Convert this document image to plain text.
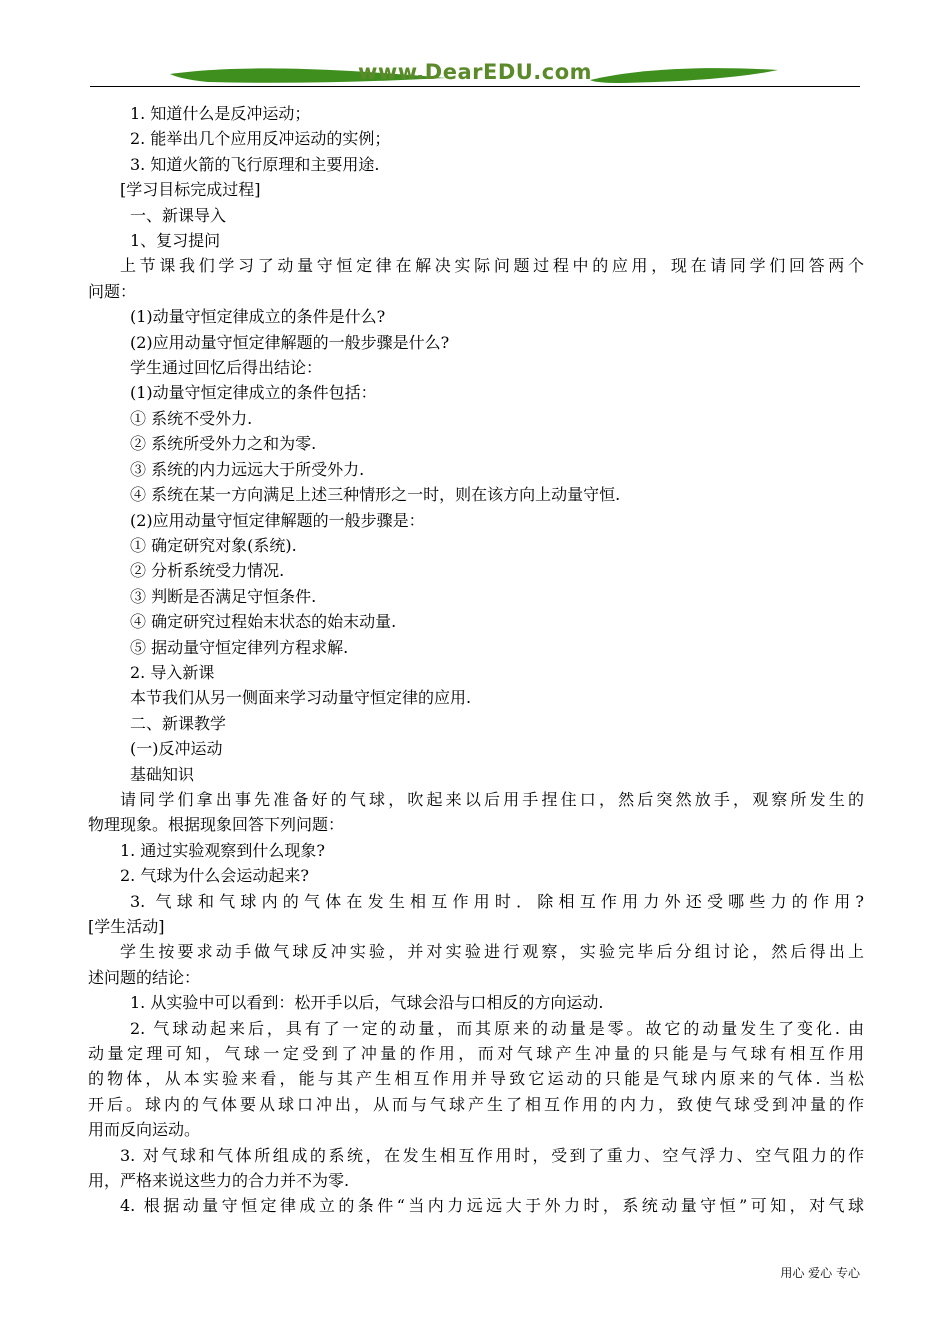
www.DearEDU.com
1. 知道什么是反冲运动；
2. 能举出几个应用反冲运动的实例；
3. 知道火箭的飞行原理和主要用途.
[学习目标完成过程]
一、新课导入
1、复习提问
上节课我们学习了动量守恒定律在解决实际问题过程中的应用，现在请同学们回答两个
问题：
(1)动量守恒定律成立的条件是什么?
(2)应用动量守恒定律解题的一般步骤是什么?
学生通过回忆后得出结论：
(1)动量守恒定律成立的条件包括：
① 系统不受外力.
② 系统所受外力之和为零.
③ 系统的内力远远大于所受外力.
④ 系统在某一方向满足上述三种情形之一时，则在该方向上动量守恒.
(2)应用动量守恒定律解题的一般步骤是：
① 确定研究对象(系统).
② 分析系统受力情况.
③ 判断是否满足守恒条件.
④ 确定研究过程始末状态的始末动量.
⑤ 据动量守恒定律列方程求解.
2. 导入新课
本节我们从另一侧面来学习动量守恒定律的应用.
二、新课教学
(一)反冲运动
基础知识
请同学们拿出事先准备好的气球，吹起来以后用手捏住口，然后突然放手，观察所发生的
物理现象。根据现象回答下列问题：
1. 通过实验观察到什么现象?
2. 气球为什么会运动起来?
3. 气球和气球内的气体在发生相互作用时．除相互作用力外还受哪些力的作用?
[学生活动]
学生按要求动手做气球反冲实验，并对实验进行观察，实验完毕后分组讨论，然后得出上
述问题的结论：
1. 从实验中可以看到：松开手以后，气球会沿与口相反的方向运动.
2. 气球动起来后，具有了一定的动量，而其原来的动量是零。故它的动量发生了变化. 由
动量定理可知，气球一定受到了冲量的作用，而对气球产生冲量的只能是与气球有相互作用
的物体，从本实验来看，能与其产生相互作用并导致它运动的只能是气球内原来的气体. 当松
开后。球内的气体要从球口冲出，从而与气球产生了相互作用的内力，致使气球受到冲量的作
用而反向运动。
3. 对气球和气体所组成的系统，在发生相互作用时，受到了重力、空气浮力、空气阻力的作
用，严格来说这些力的合力并不为零.
4. 根据动量守恒定律成立的条件“当内力远远大于外力时，系统动量守恒”可知，对气球
用心 爱心 专心
